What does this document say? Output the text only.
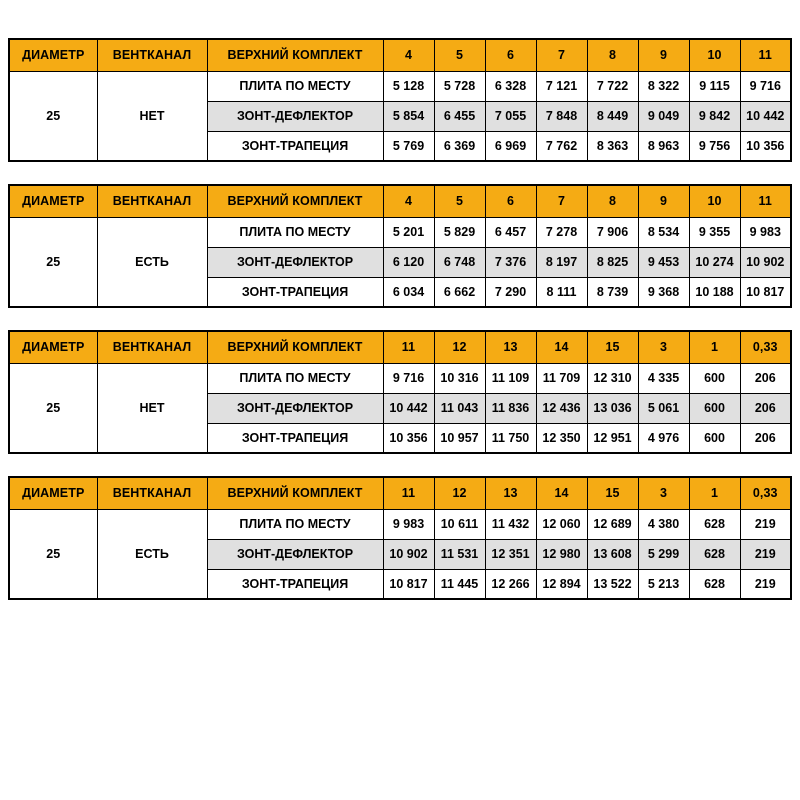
ДИАМЕТР	ВЕНТКАНАЛ	ВЕРХНИЙ КОМПЛЕКТ	4	5	6	7	8	9	10	11
25	НЕТ	ПЛИТА ПО МЕСТУ	5 128	5 728	6 328	7 121	7 722	8 322	9 115	9 716
		ЗОНТ-ДЕФЛЕКТОР	5 854	6 455	7 055	7 848	8 449	9 049	9 842	10 442
		ЗОНТ-ТРАПЕЦИЯ	5 769	6 369	6 969	7 762	8 363	8 963	9 756	10 356
ДИАМЕТР	ВЕНТКАНАЛ	ВЕРХНИЙ КОМПЛЕКТ	4	5	6	7	8	9	10	11
25	ЕСТЬ	ПЛИТА ПО МЕСТУ	5 201	5 829	6 457	7 278	7 906	8 534	9 355	9 983
		ЗОНТ-ДЕФЛЕКТОР	6 120	6 748	7 376	8 197	8 825	9 453	10 274	10 902
		ЗОНТ-ТРАПЕЦИЯ	6 034	6 662	7 290	8 111	8 739	9 368	10 188	10 817
ДИАМЕТР	ВЕНТКАНАЛ	ВЕРХНИЙ КОМПЛЕКТ	11	12	13	14	15	3	1	0,33
25	НЕТ	ПЛИТА ПО МЕСТУ	9 716	10 316	11 109	11 709	12 310	4 335	600	206
		ЗОНТ-ДЕФЛЕКТОР	10 442	11 043	11 836	12 436	13 036	5 061	600	206
		ЗОНТ-ТРАПЕЦИЯ	10 356	10 957	11 750	12 350	12 951	4 976	600	206
ДИАМЕТР	ВЕНТКАНАЛ	ВЕРХНИЙ КОМПЛЕКТ	11	12	13	14	15	3	1	0,33
25	ЕСТЬ	ПЛИТА ПО МЕСТУ	9 983	10 611	11 432	12 060	12 689	4 380	628	219
		ЗОНТ-ДЕФЛЕКТОР	10 902	11 531	12 351	12 980	13 608	5 299	628	219
		ЗОНТ-ТРАПЕЦИЯ	10 817	11 445	12 266	12 894	13 522	5 213	628	219
